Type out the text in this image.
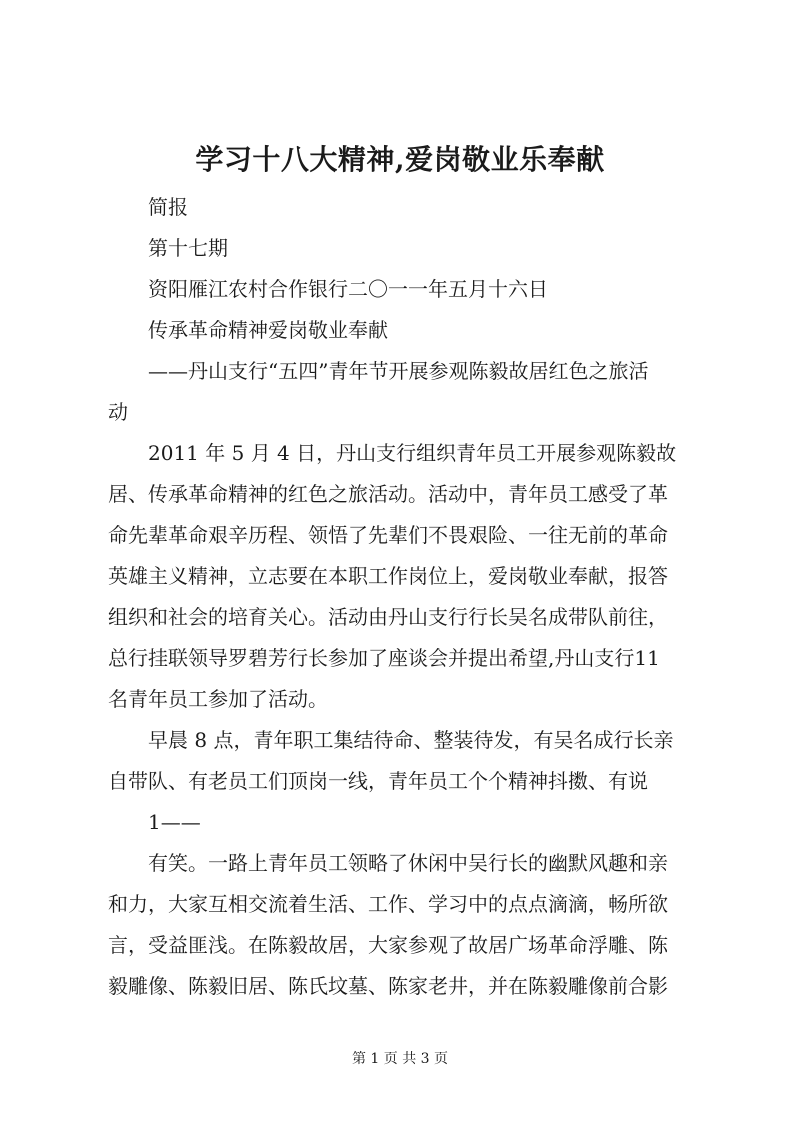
学习十八大精神,爱岗敬业乐奉献

简报

第十七期

资阳雁江农村合作银行二〇一一年五月十六日

传承革命精神爱岗敬业奉献

——丹山支行“五四”青年节开展参观陈毅故居红色之旅活

动

2011 年 5 月 4 日，丹山支行组织青年员工开展参观陈毅故

居、传承革命精神的红色之旅活动。活动中，青年员工感受了革

命先辈革命艰辛历程、领悟了先辈们不畏艰险、一往无前的革命

英雄主义精神，立志要在本职工作岗位上，爱岗敬业奉献，报答

组织和社会的培育关心。活动由丹山支行行长吴名成带队前往，

总行挂联领导罗碧芳行长参加了座谈会并提出希望,丹山支行11

名青年员工参加了活动。

早晨 8 点，青年职工集结待命、整装待发，有吴名成行长亲

自带队、有老员工们顶岗一线，青年员工个个精神抖擞、有说

1——

有笑。一路上青年员工领略了休闲中吴行长的幽默风趣和亲

和力，大家互相交流着生活、工作、学习中的点点滴滴，畅所欲

言，受益匪浅。在陈毅故居，大家参观了故居广场革命浮雕、陈

毅雕像、陈毅旧居、陈氏坟墓、陈家老井，并在陈毅雕像前合影

第 1 页 共 3 页
